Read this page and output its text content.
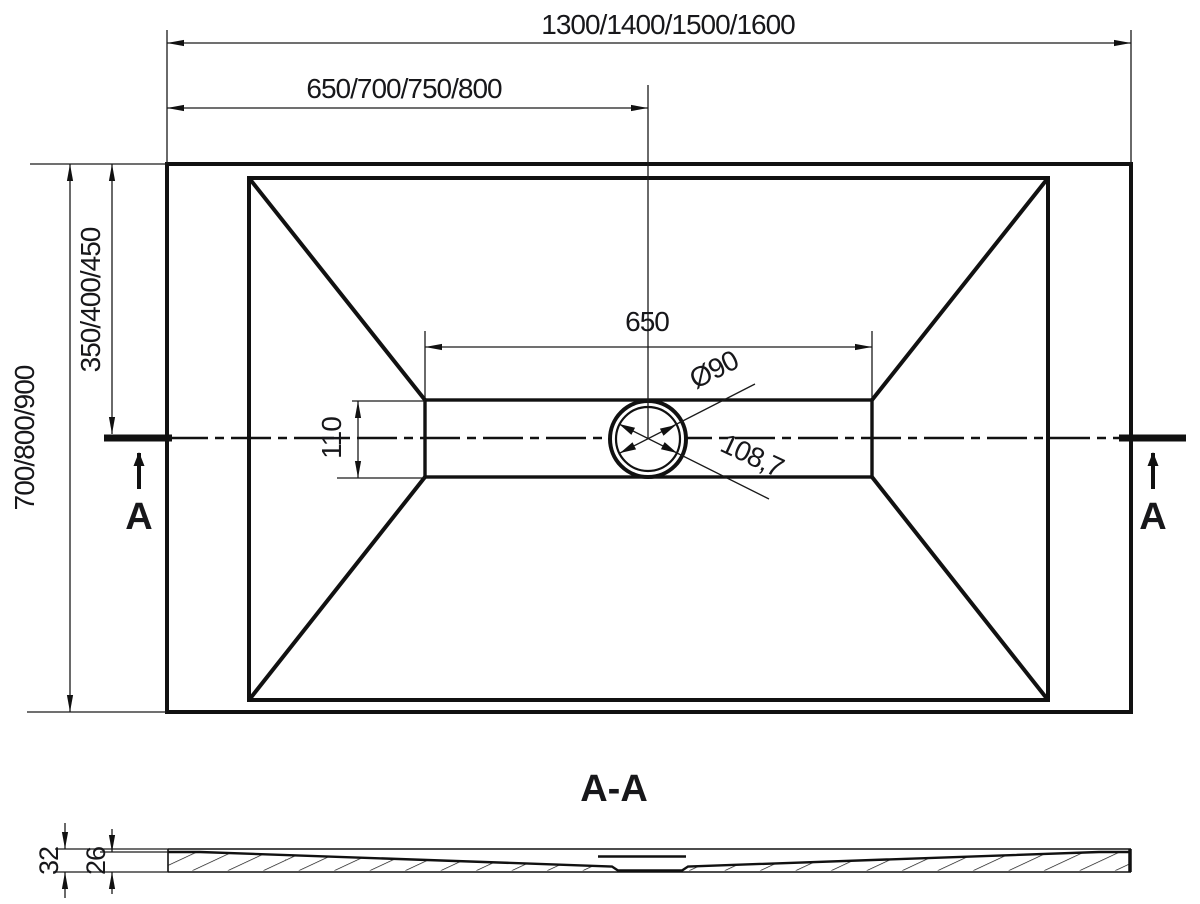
1300/1400/1500/1600
650/700/750/800
700/800/900
350/400/450	650
110
Ø90
108,7
A	A
A-A
32 26
